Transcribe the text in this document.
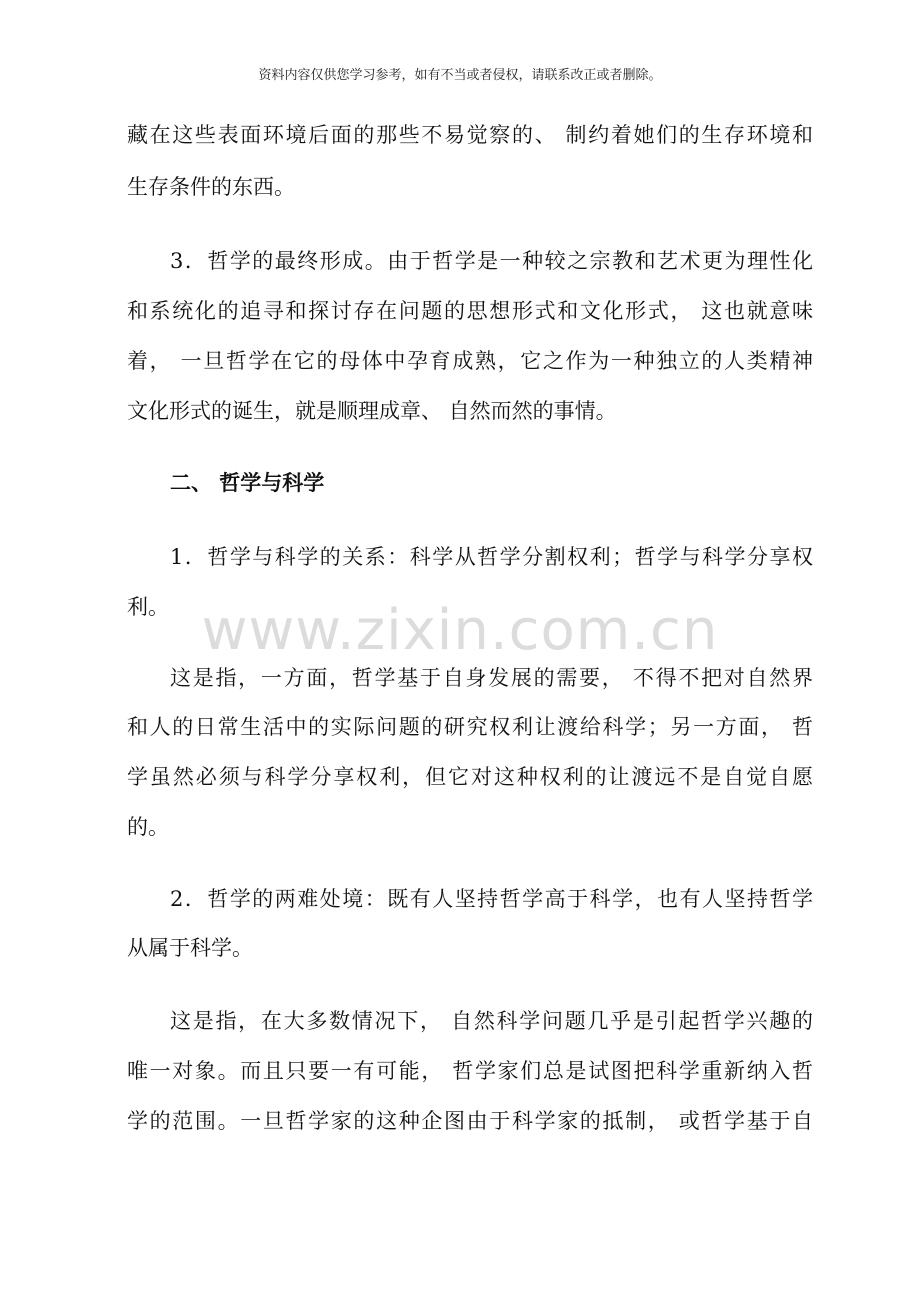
资料内容仅供您学习参考，如有不当或者侵权，请联系改正或者删除。
www.zixin.com.cn
藏在这些表面环境后面的那些不易觉察的、 制约着她们的生存环境和
生存条件的东西。
3．哲学的最终形成。由于哲学是一种较之宗教和艺术更为理性化
和系统化的追寻和探讨存在问题的思想形式和文化形式， 这也就意味
着， 一旦哲学在它的母体中孕育成熟，它之作为一种独立的人类精神
文化形式的诞生，就是顺理成章、 自然而然的事情。
二、 哲学与科学
1．哲学与科学的关系：科学从哲学分割权利；哲学与科学分享权
利。
这是指，一方面，哲学基于自身发展的需要， 不得不把对自然界
和人的日常生活中的实际问题的研究权利让渡给科学；另一方面， 哲
学虽然必须与科学分享权利，但它对这种权利的让渡远不是自觉自愿
的。
2．哲学的两难处境：既有人坚持哲学高于科学，也有人坚持哲学
从属于科学。
这是指，在大多数情况下， 自然科学问题几乎是引起哲学兴趣的
唯一对象。而且只要一有可能， 哲学家们总是试图把科学重新纳入哲
学的范围。一旦哲学家的这种企图由于科学家的抵制， 或哲学基于自
